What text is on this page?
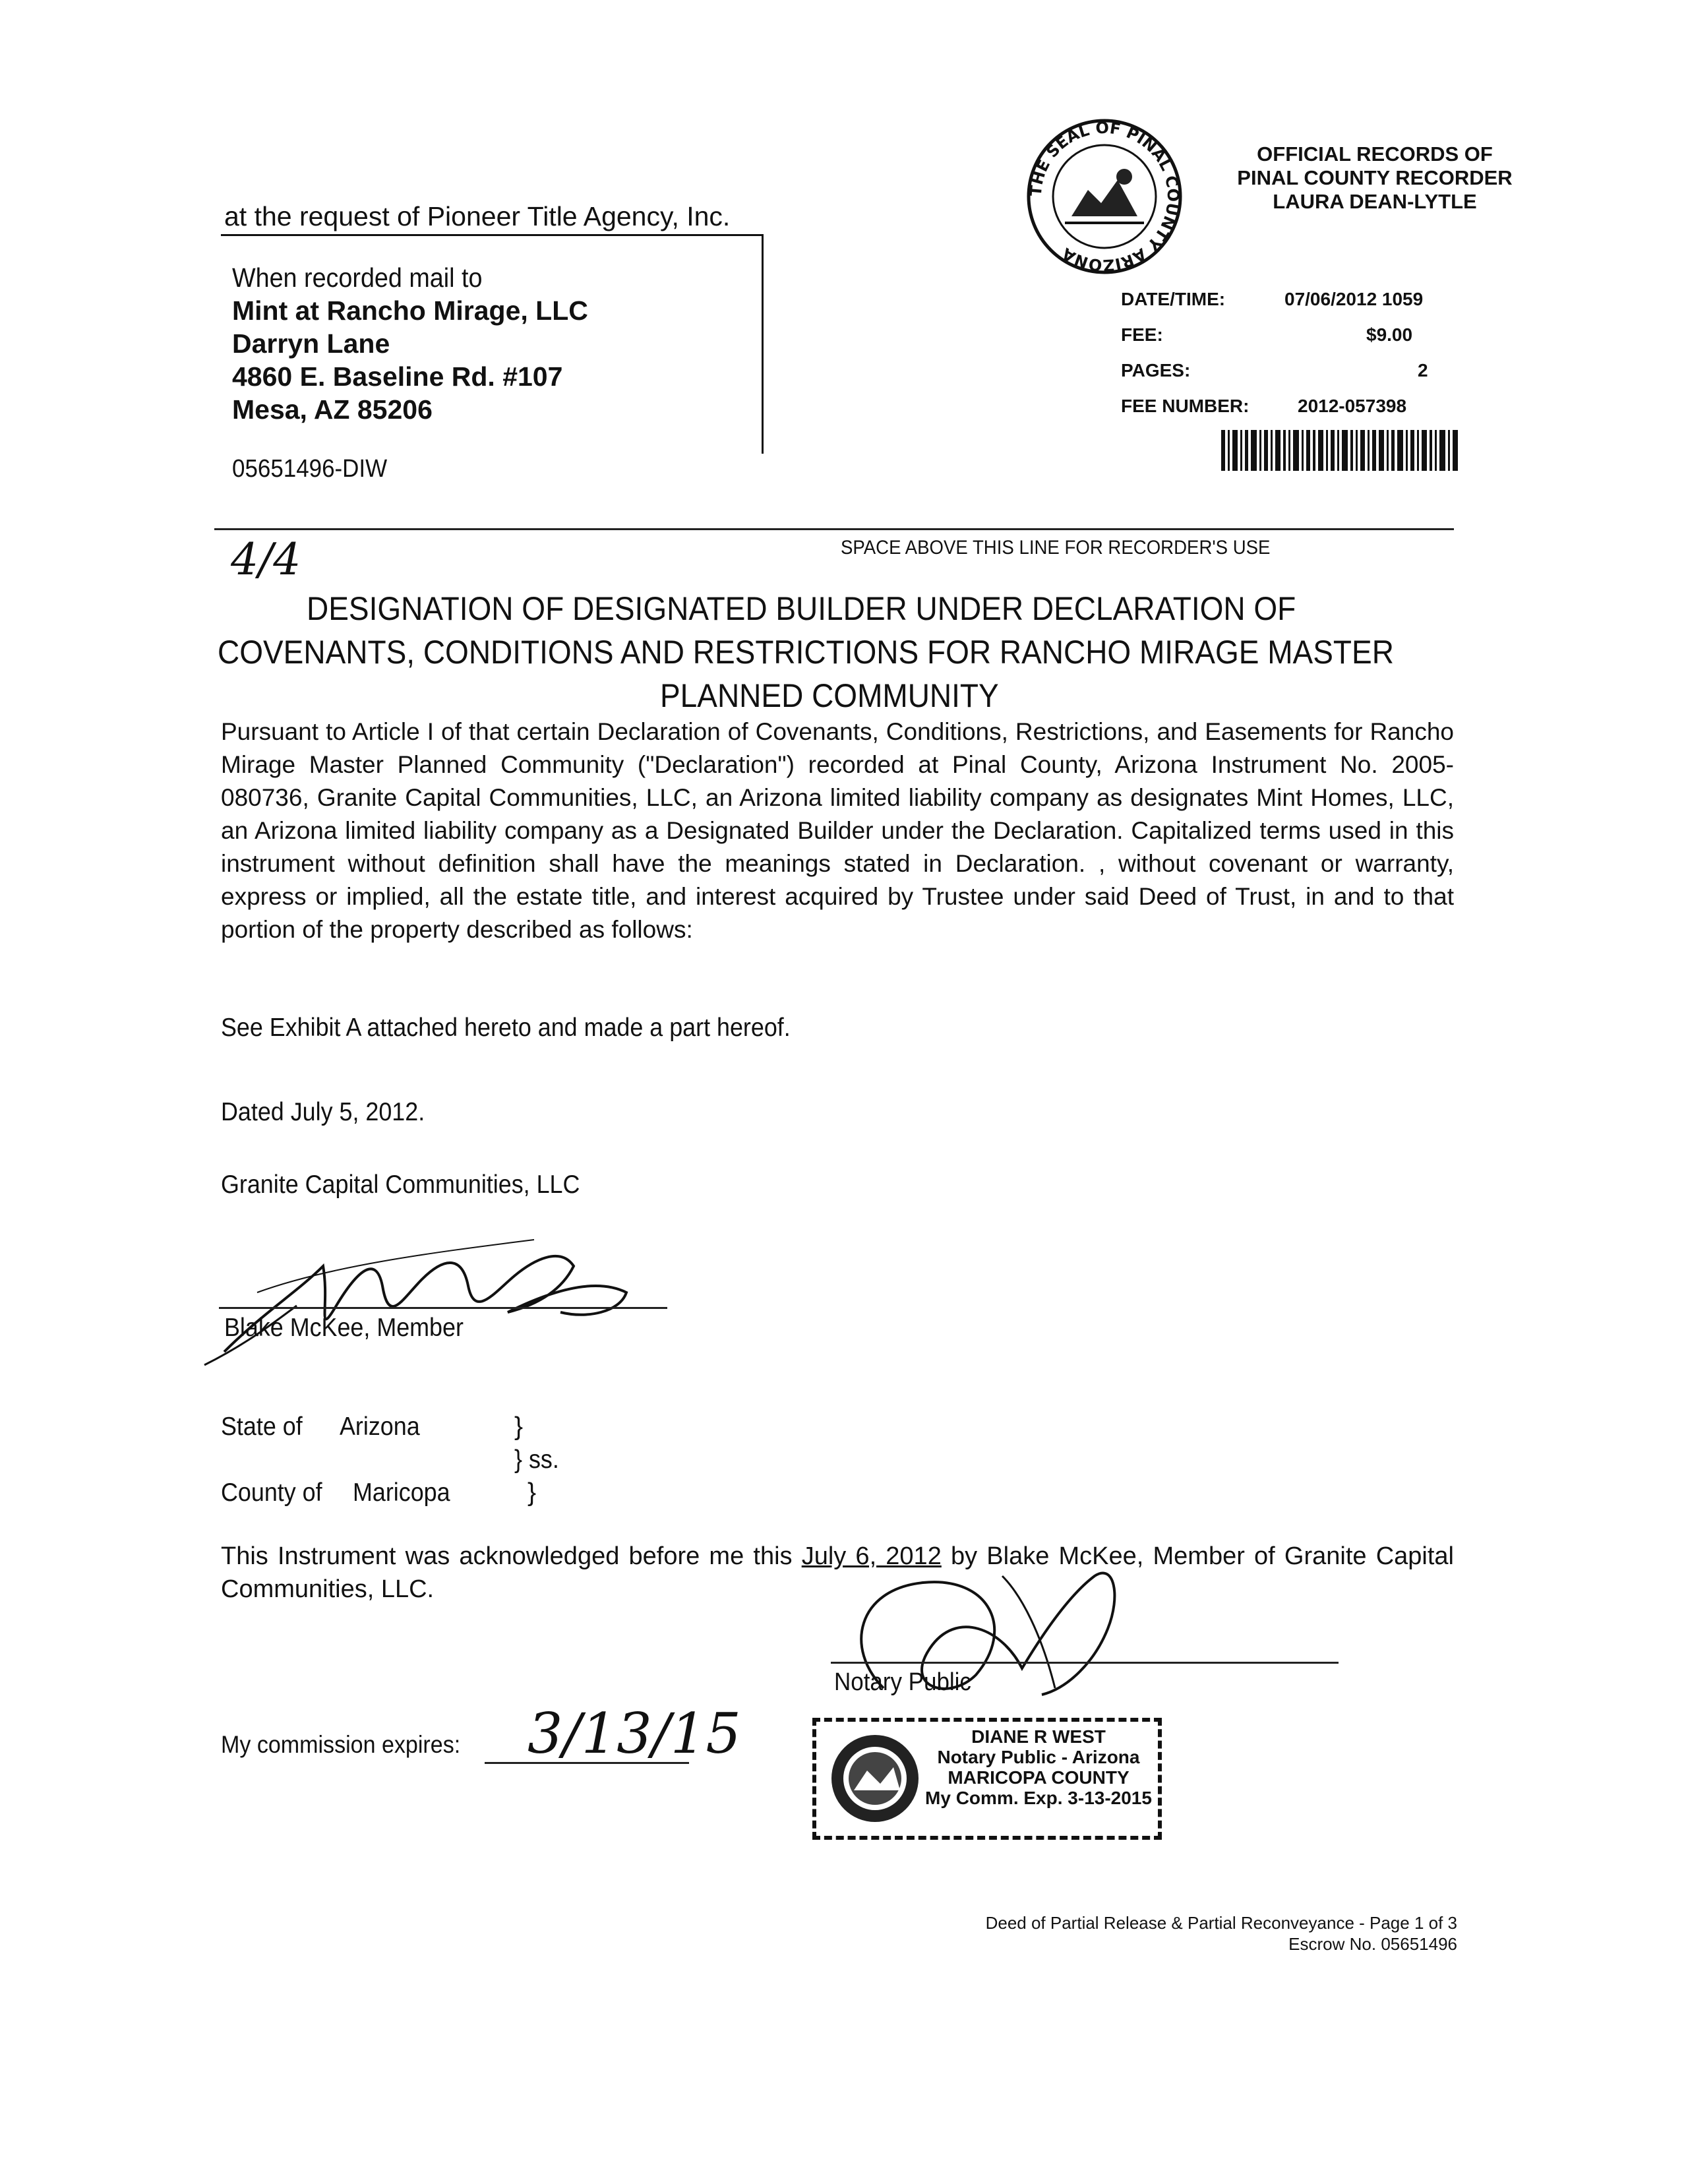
at the request of Pioneer Title Agency, Inc.
When recorded mail to
Mint at Rancho Mirage, LLC
Darryn Lane
4860 E. Baseline Rd. #107
Mesa, AZ 85206
05651496-DIW
THE SEAL OF PINAL COUNTY ARIZONA
OFFICIAL RECORDS OF
PINAL COUNTY RECORDER
LAURA DEAN-LYTLE
DATE/TIME:	07/06/2012 1059
FEE:	$9.00
PAGES:	2
FEE NUMBER:	2012-057398
4/4	SPACE ABOVE THIS LINE FOR RECORDER'S USE
DESIGNATION OF DESIGNATED BUILDER UNDER DECLARATION OF
COVENANTS, CONDITIONS AND RESTRICTIONS FOR RANCHO MIRAGE MASTER
PLANNED COMMUNITY
Pursuant to Article I of that certain Declaration of Covenants, Conditions, Restrictions, and Easements for Rancho Mirage Master Planned Community ("Declaration") recorded at Pinal County, Arizona Instrument No. 2005-080736, Granite Capital Communities, LLC, an Arizona limited liability company as designates Mint Homes, LLC, an Arizona limited liability company as a Designated Builder under the Declaration. Capitalized terms used in this instrument without definition shall have the meanings stated in Declaration. , without covenant or warranty, express or implied, all the estate title, and interest acquired by Trustee under said Deed of Trust, in and to that portion of the property described as follows:
See Exhibit A attached hereto and made a part hereof.
Dated July 5, 2012.
Granite Capital Communities, LLC
Blake McKee, Member
State of Arizona	}
} ss.
County of Maricopa	}
This Instrument was acknowledged before me this July 6, 2012 by Blake McKee, Member of Granite Capital Communities, LLC.
Notary Public
My commission expires: 3/13/15	DIANE R WEST
Notary Public - Arizona
MARICOPA COUNTY
My Comm. Exp. 3-13-2015
Deed of Partial Release & Partial Reconveyance - Page 1 of 3
Escrow No. 05651496
